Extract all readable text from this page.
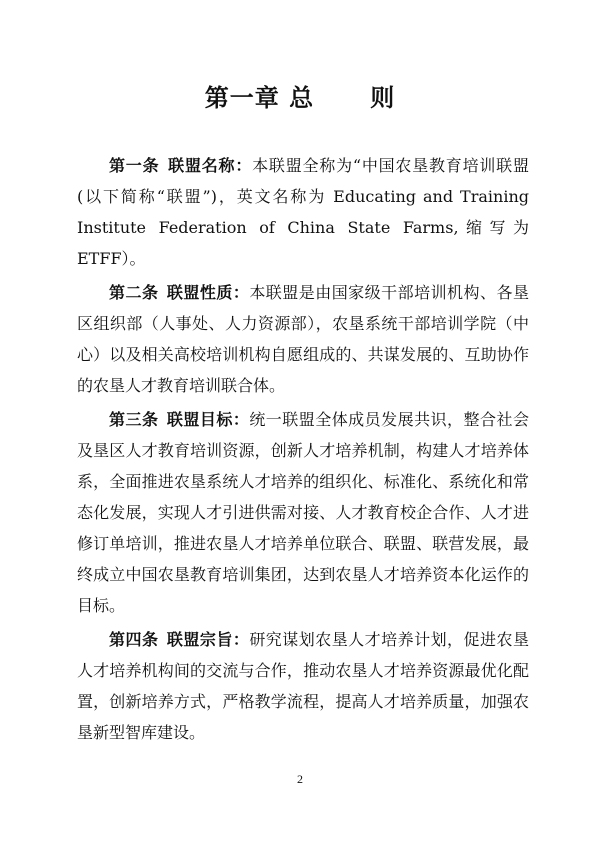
第一章 总      则

第一条  联盟名称：本联盟全称为“中国农垦教育培训联盟(以下简称“联盟”)，英文名称为 Educating and Training Institute Federation of China State Farms,缩写为 ETFF）。

第二条  联盟性质：本联盟是由国家级干部培训机构、各垦区组织部（人事处、人力资源部），农垦系统干部培训学院（中心）以及相关高校培训机构自愿组成的、共谋发展的、互助协作的农垦人才教育培训联合体。

第三条  联盟目标：统一联盟全体成员发展共识，整合社会及垦区人才教育培训资源，创新人才培养机制，构建人才培养体系，全面推进农垦系统人才培养的组织化、标准化、系统化和常态化发展，实现人才引进供需对接、人才教育校企合作、人才进修订单培训，推进农垦人才培养单位联合、联盟、联营发展，最终成立中国农垦教育培训集团，达到农垦人才培养资本化运作的目标。

第四条  联盟宗旨：研究谋划农垦人才培养计划，促进农垦人才培养机构间的交流与合作，推动农垦人才培养资源最优化配置，创新培养方式，严格教学流程，提高人才培养质量，加强农垦新型智库建设。

2
